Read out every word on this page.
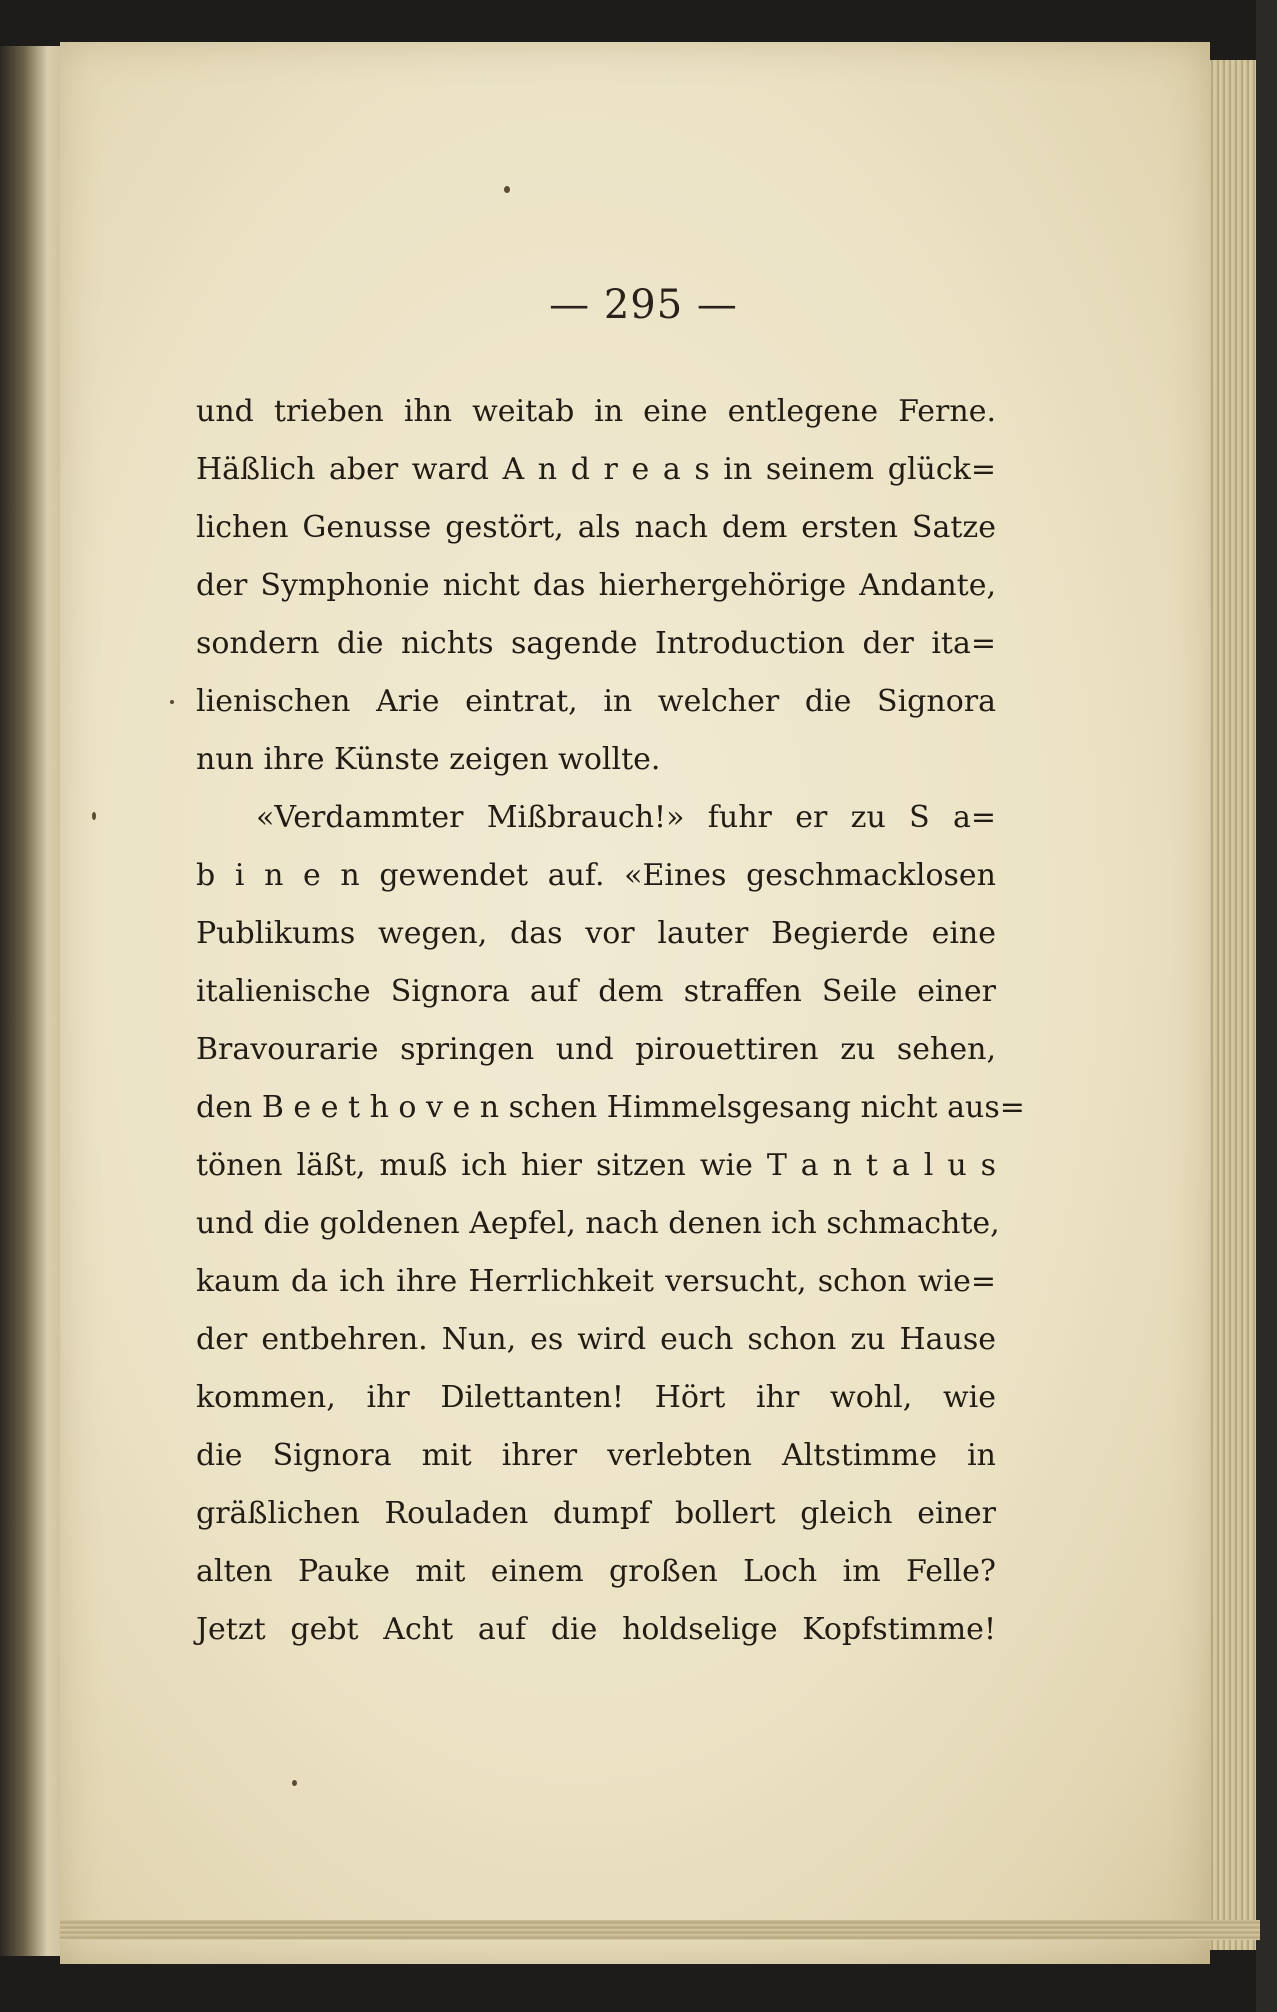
— 295 —
und trieben ihn weitab in eine entlegene Ferne.
Häßlich aber ward A n d r e a s in seinem glück=
lichen Genusse gestört, als nach dem ersten Satze
der Symphonie nicht das hierhergehörige Andante,
sondern die nichts sagende Introduction der ita=
lienischen Arie eintrat, in welcher die Signora
nun ihre Künste zeigen wollte.
«Verdammter Mißbrauch!» fuhr er zu S a=
b i n e n gewendet auf. «Eines geschmacklosen
Publikums wegen, das vor lauter Begierde eine
italienische Signora auf dem straffen Seile einer
Bravourarie springen und pirouettiren zu sehen,
den B e e t h o v e n schen Himmelsgesang nicht aus=
tönen läßt, muß ich hier sitzen wie T a n t a l u s
und die goldenen Aepfel, nach denen ich schmachte,
kaum da ich ihre Herrlichkeit versucht, schon wie=
der entbehren. Nun, es wird euch schon zu Hause
kommen, ihr Dilettanten! Hört ihr wohl, wie
die Signora mit ihrer verlebten Altstimme in
gräßlichen Rouladen dumpf bollert gleich einer
alten Pauke mit einem großen Loch im Felle?
Jetzt gebt Acht auf die holdselige Kopfstimme!
